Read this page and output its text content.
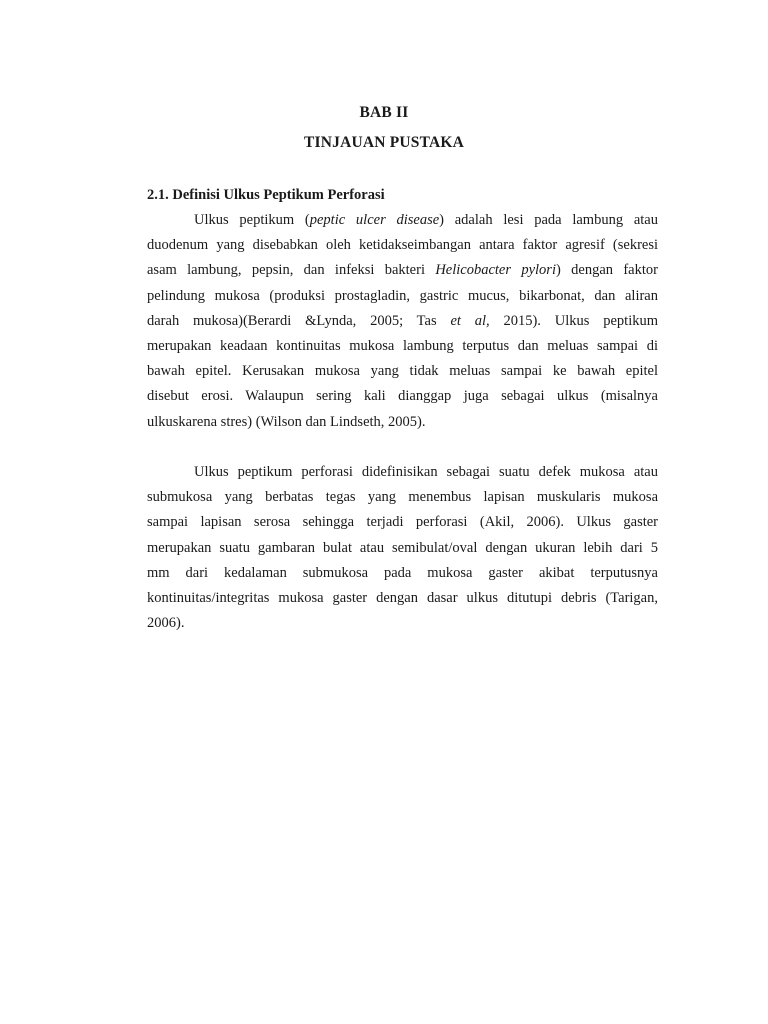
BAB II
TINJAUAN PUSTAKA
2.1. Definisi Ulkus Peptikum Perforasi
Ulkus peptikum (peptic ulcer disease) adalah lesi pada lambung atau
duodenum yang disebabkan oleh ketidakseimbangan antara faktor agresif (sekresi
asam lambung, pepsin, dan infeksi bakteri Helicobacter pylori) dengan faktor
pelindung mukosa (produksi prostagladin, gastric mucus, bikarbonat, dan aliran
darah mukosa)(Berardi &Lynda, 2005; Tas et al, 2015). Ulkus peptikum
merupakan keadaan kontinuitas mukosa lambung terputus dan meluas sampai di
bawah epitel. Kerusakan mukosa yang tidak meluas sampai ke bawah epitel
disebut erosi. Walaupun sering kali dianggap juga sebagai ulkus (misalnya
ulkuskarena stres) (Wilson dan Lindseth, 2005).
Ulkus peptikum perforasi didefinisikan sebagai suatu defek mukosa atau
submukosa yang berbatas tegas yang menembus lapisan muskularis mukosa
sampai lapisan serosa sehingga terjadi perforasi (Akil, 2006). Ulkus gaster
merupakan suatu gambaran bulat atau semibulat/oval dengan ukuran lebih dari 5
mm dari kedalaman submukosa pada mukosa gaster akibat terputusnya
kontinuitas/integritas mukosa gaster dengan dasar ulkus ditutupi debris (Tarigan,
2006).
